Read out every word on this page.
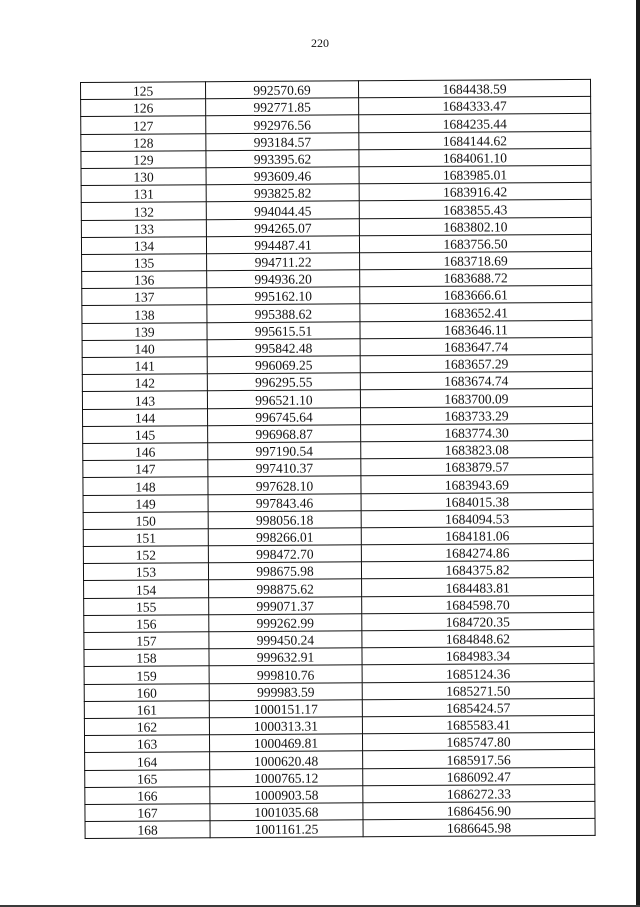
220
125	992570.69	1684438.59
126	992771.85	1684333.47
127	992976.56	1684235.44
128	993184.57	1684144.62
129	993395.62	1684061.10
130	993609.46	1683985.01
131	993825.82	1683916.42
132	994044.45	1683855.43
133	994265.07	1683802.10
134	994487.41	1683756.50
135	994711.22	1683718.69
136	994936.20	1683688.72
137	995162.10	1683666.61
138	995388.62	1683652.41
139	995615.51	1683646.11
140	995842.48	1683647.74
141	996069.25	1683657.29
142	996295.55	1683674.74
143	996521.10	1683700.09
144	996745.64	1683733.29
145	996968.87	1683774.30
146	997190.54	1683823.08
147	997410.37	1683879.57
148	997628.10	1683943.69
149	997843.46	1684015.38
150	998056.18	1684094.53
151	998266.01	1684181.06
152	998472.70	1684274.86
153	998675.98	1684375.82
154	998875.62	1684483.81
155	999071.37	1684598.70
156	999262.99	1684720.35
157	999450.24	1684848.62
158	999632.91	1684983.34
159	999810.76	1685124.36
160	999983.59	1685271.50
161	1000151.17	1685424.57
162	1000313.31	1685583.41
163	1000469.81	1685747.80
164	1000620.48	1685917.56
165	1000765.12	1686092.47
166	1000903.58	1686272.33
167	1001035.68	1686456.90
168	1001161.25	1686645.98
